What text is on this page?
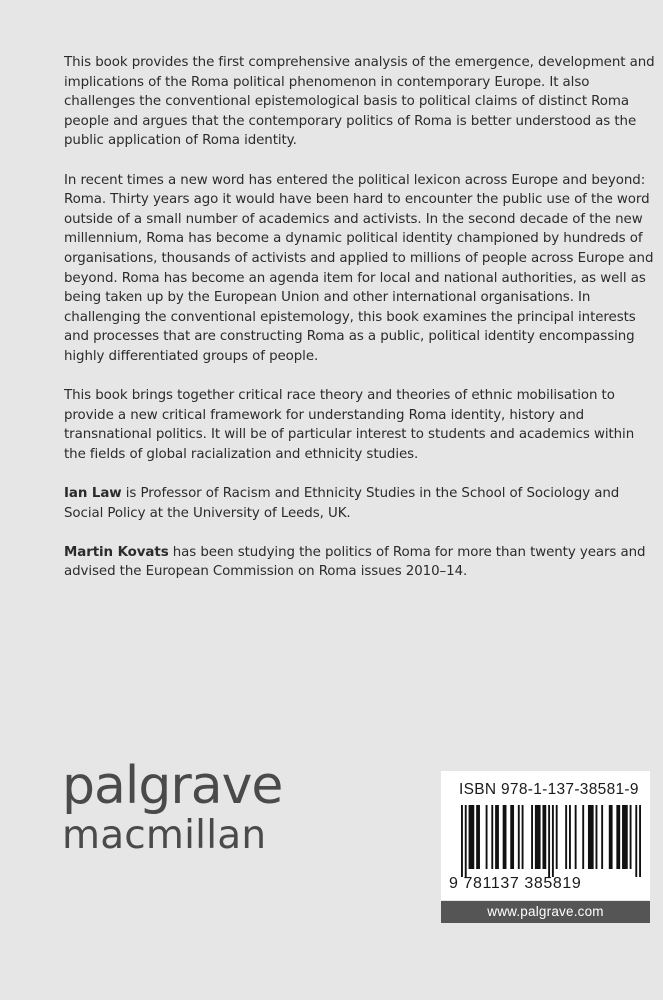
This book provides the first comprehensive analysis of the emergence, development and implications of the Roma political phenomenon in contemporary Europe. It also challenges the conventional epistemological basis to political claims of distinct Roma people and argues that the contemporary politics of Roma is better understood as the public application of Roma identity.

In recent times a new word has entered the political lexicon across Europe and beyond: Roma. Thirty years ago it would have been hard to encounter the public use of the word outside of a small number of academics and activists. In the second decade of the new millennium, Roma has become a dynamic political identity championed by hundreds of organisations, thousands of activists and applied to millions of people across Europe and beyond. Roma has become an agenda item for local and national authorities, as well as being taken up by the European Union and other international organisations. In challenging the conventional epistemology, this book examines the principal interests and processes that are constructing Roma as a public, political identity encompassing highly differentiated groups of people.

This book brings together critical race theory and theories of ethnic mobilisation to provide a new critical framework for understanding Roma identity, history and transnational politics. It will be of particular interest to students and academics within the fields of global racialization and ethnicity studies.

Ian Law is Professor of Racism and Ethnicity Studies in the School of Sociology and Social Policy at the University of Leeds, UK.

Martin Kovats has been studying the politics of Roma for more than twenty years and advised the European Commission on Roma issues 2010–14.

palgrave
macmillan
ISBN 978-1-137-38581-9
9 781137 385819
www.palgrave.com
